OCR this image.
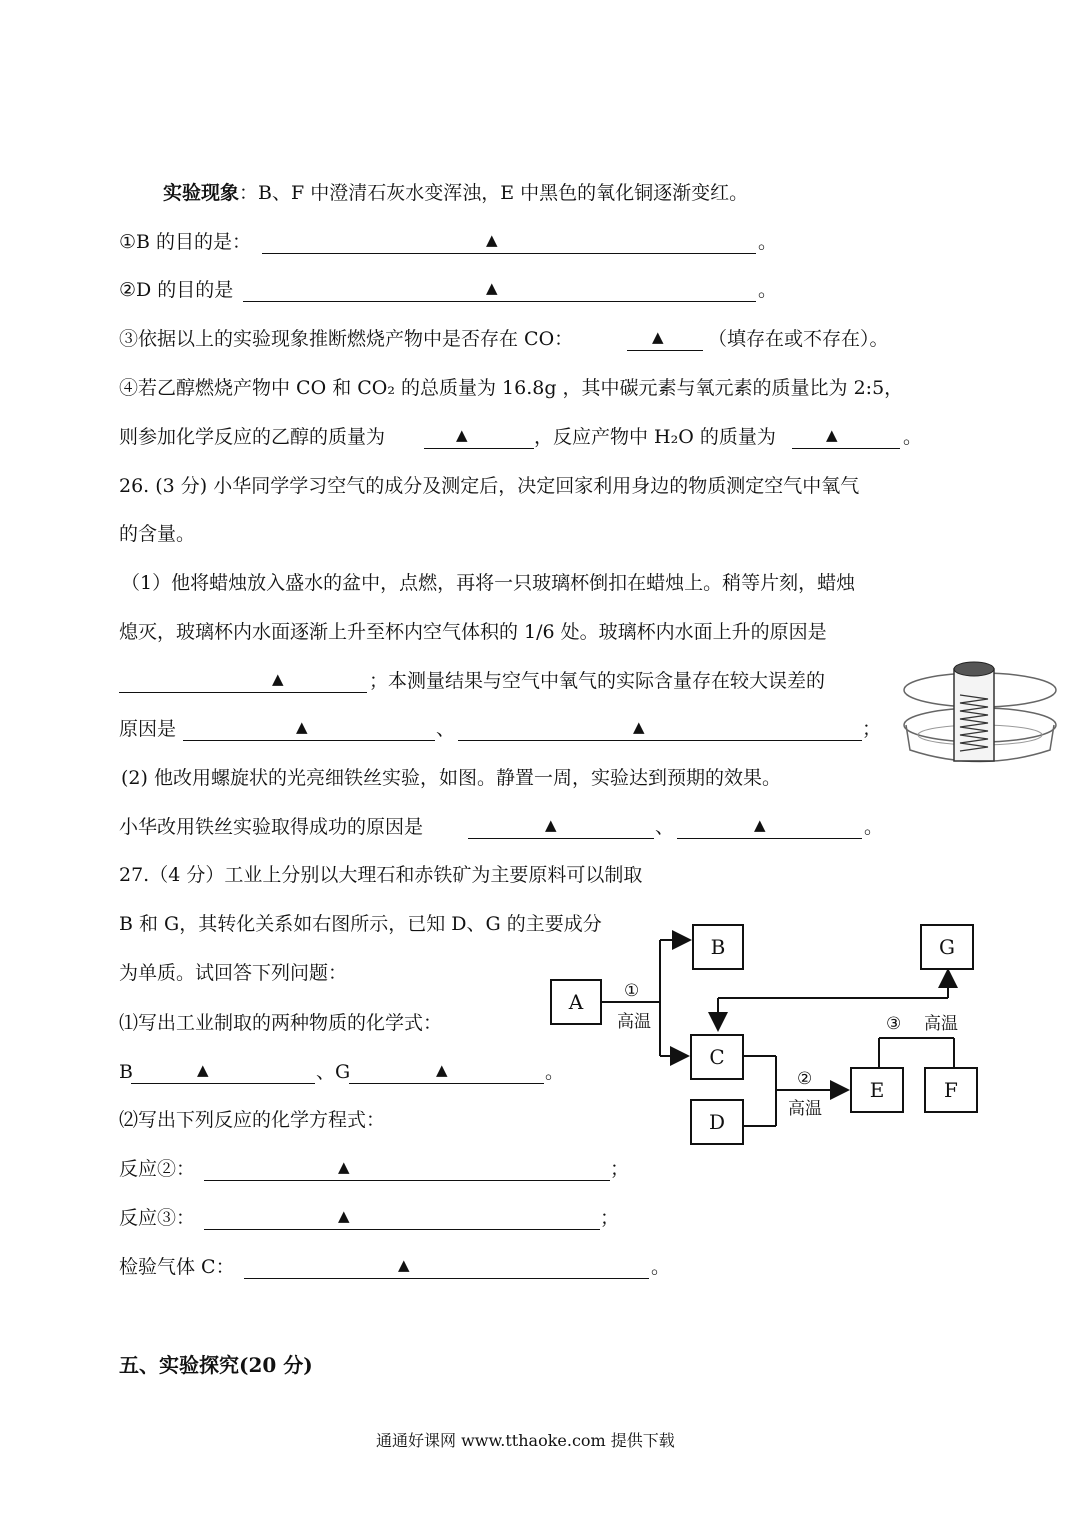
实验现象：B、F 中澄清石灰水变浑浊，E 中黑色的氧化铜逐渐变红。
①B 的目的是：	▲	。
②D 的目的是	▲	。
③依据以上的实验现象推断燃烧产物中是否存在 CO：	▲ （填存在或不存在）。
④若乙醇燃烧产物中 CO 和 CO₂ 的总质量为 16.8g ，其中碳元素与氧元素的质量比为 2:5，
则参加化学反应的乙醇的质量为	▲	，反应产物中 H₂O 的质量为	▲	。
26. (3 分) 小华同学学习空气的成分及测定后，决定回家利用身边的物质测定空气中氧气
的含量。
（1）他将蜡烛放入盛水的盆中，点燃，再将一只玻璃杯倒扣在蜡烛上。稍等片刻，蜡烛
熄灭，玻璃杯内水面逐渐上升至杯内空气体积的 1/6 处。玻璃杯内水面上升的原因是
▲	；本测量结果与空气中氧气的实际含量存在较大误差的
原因是	▲	、	▲	；
(2) 他改用螺旋状的光亮细铁丝实验，如图。静置一周，实验达到预期的效果。
小华改用铁丝实验取得成功的原因是	▲	、	▲	。
27.（4 分）工业上分别以大理石和赤铁矿为主要原料可以制取
B 和 G，其转化关系如右图所示，已知 D、G 的主要成分
为单质。试回答下列问题：
⑴写出工业制取的两种物质的化学式：
B	▲	、G	▲	。
⑵写出下列反应的化学方程式：
反应②：	▲	；
反应③：	▲	；
检验气体 C：	▲	。
A
B
C
D
E	F
G
①
高温
②
高温
③ 高温
五、实验探究(20 分)
通通好课网 www.tthaoke.com 提供下载
